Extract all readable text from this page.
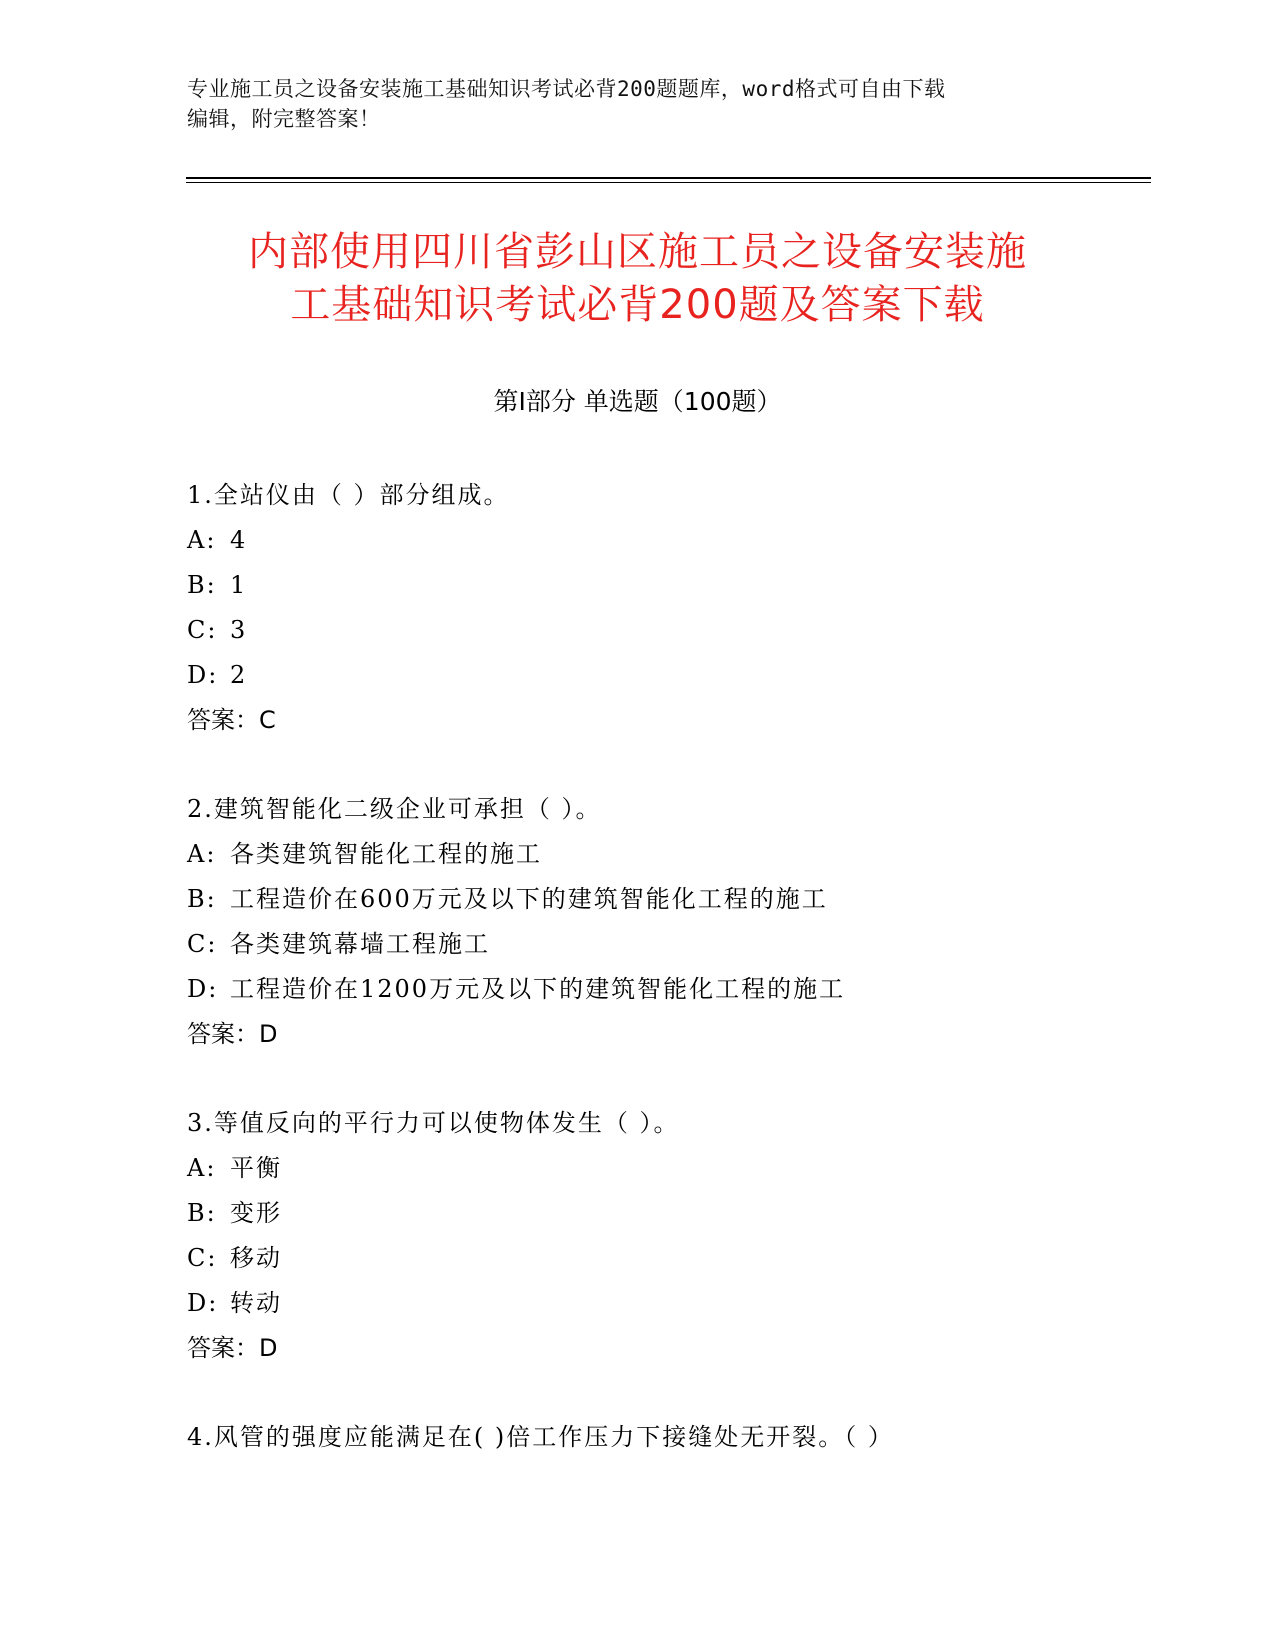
专业施工员之设备安装施工基础知识考试必背200题题库，word格式可自由下载
编辑，附完整答案！
内部使用四川省彭山区施工员之设备安装施
工基础知识考试必背200题及答案下载
第Ⅰ部分 单选题（100题）
1.全站仪由（ ）部分组成。
A: 4
B: 1
C: 3
D: 2
答案：C
2.建筑智能化二级企业可承担（ ）。
A: 各类建筑智能化工程的施工
B: 工程造价在600万元及以下的建筑智能化工程的施工
C: 各类建筑幕墙工程施工
D: 工程造价在1200万元及以下的建筑智能化工程的施工
答案：D
3.等值反向的平行力可以使物体发生（ ）。
A: 平衡
B: 变形
C: 移动
D: 转动
答案：D
4.风管的强度应能满足在( )倍工作压力下接缝处无开裂。（ ）
